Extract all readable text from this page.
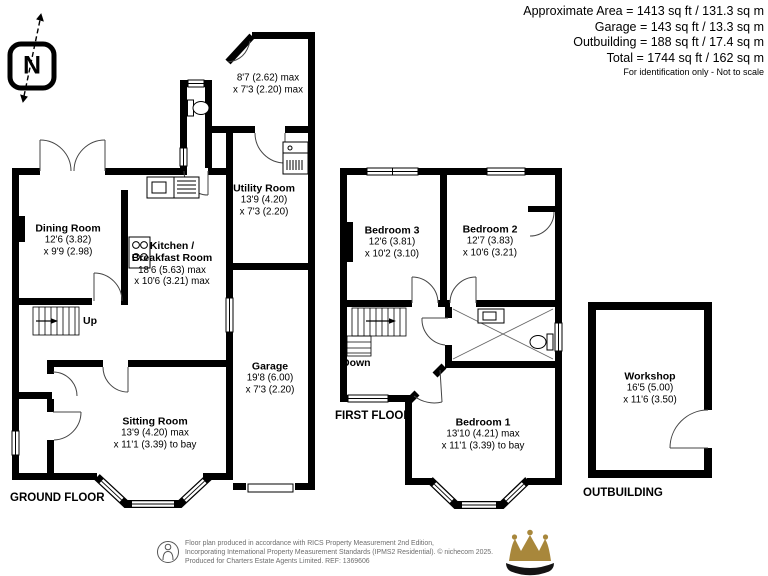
Approximate Area = 1413 sq ft / 131.3 sq m
Garage = 143 sq ft / 13.3 sq m
Outbuilding = 188 sq ft / 17.4 sq m
Total = 1744 sq ft / 162 sq m
For identification only - Not to scale
N
Dining Room
12'6 (3.82)
x 9'9 (2.98)	Kitchen /
Breakfast Room
18'6 (5.63) max
x 10'6 (3.21) max
8'7 (2.62) max
x 7'3 (2.20) max
Utility Room
13'9 (4.20)
x 7'3 (2.20)
Garage
19'8 (6.00)
x 7'3 (2.20)
Sitting Room
13'9 (4.20) max
x 11'1 (3.39) to bay
Up
GROUND FLOOR
Bedroom 3
12'6 (3.81)
x 10'2 (3.10)
Bedroom 2
12'7 (3.83)
x 10'6 (3.21)
Bedroom 1
13'10 (4.21) max
x 11'1 (3.39) to bay
Down
FIRST FLOOR
Workshop
16'5 (5.00)
x 11'6 (3.50)
OUTBUILDING
Floor plan produced in accordance with RICS Property Measurement 2nd Edition,
Incorporating International Property Measurement Standards (IPMS2 Residential). © nichecom 2025.
Produced for Charters Estate Agents Limited. REF: 1369606
